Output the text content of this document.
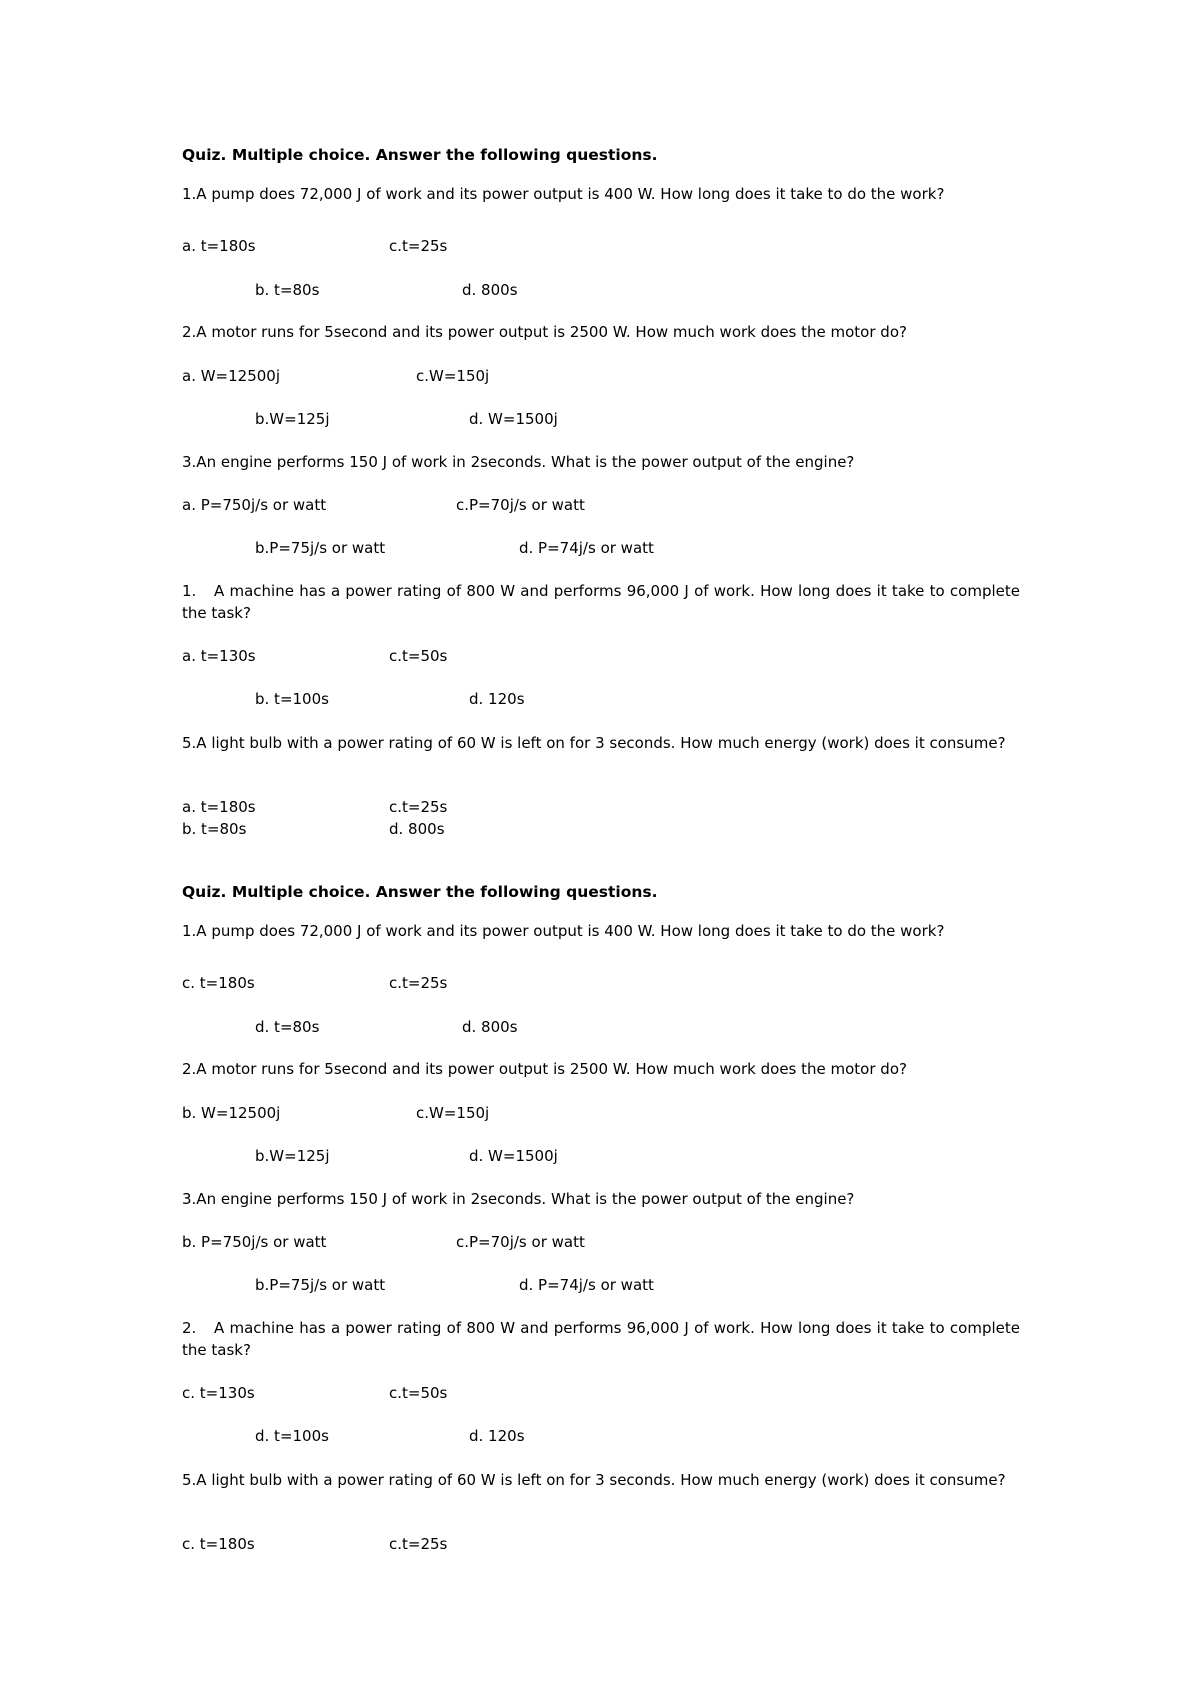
Quiz. Multiple choice. Answer the following questions.
1.A pump does 72,000 J of work and its power output is 400 W. How long does it take to do the work?
a. t=180s	c.t=25s
b. t=80s	d. 800s
2.A motor runs for 5second and its power output is 2500 W. How much work does the motor do?
a. W=12500j	c.W=150j
b.W=125j	d. W=1500j
3.An engine performs 150 J of work in 2seconds. What is the power output of the engine?
a. P=750j/s or watt	c.P=70j/s or watt
b.P=75j/s or watt	d. P=74j/s or watt
1. A machine has a power rating of 800 W and performs 96,000 J of work. How long does it take to complete the task?
a. t=130s	c.t=50s
b. t=100s	d. 120s
5.A light bulb with a power rating of 60 W is left on for 3 seconds. How much energy (work) does it consume?
a. t=180s	c.t=25s
b. t=80s	d. 800s
Quiz. Multiple choice. Answer the following questions.
1.A pump does 72,000 J of work and its power output is 400 W. How long does it take to do the work?
c. t=180s	c.t=25s
d. t=80s	d. 800s
2.A motor runs for 5second and its power output is 2500 W. How much work does the motor do?
b. W=12500j	c.W=150j
b.W=125j	d. W=1500j
3.An engine performs 150 J of work in 2seconds. What is the power output of the engine?
b. P=750j/s or watt	c.P=70j/s or watt
b.P=75j/s or watt	d. P=74j/s or watt
2. A machine has a power rating of 800 W and performs 96,000 J of work. How long does it take to complete the task?
c. t=130s	c.t=50s
d. t=100s	d. 120s
5.A light bulb with a power rating of 60 W is left on for 3 seconds. How much energy (work) does it consume?
c. t=180s	c.t=25s
